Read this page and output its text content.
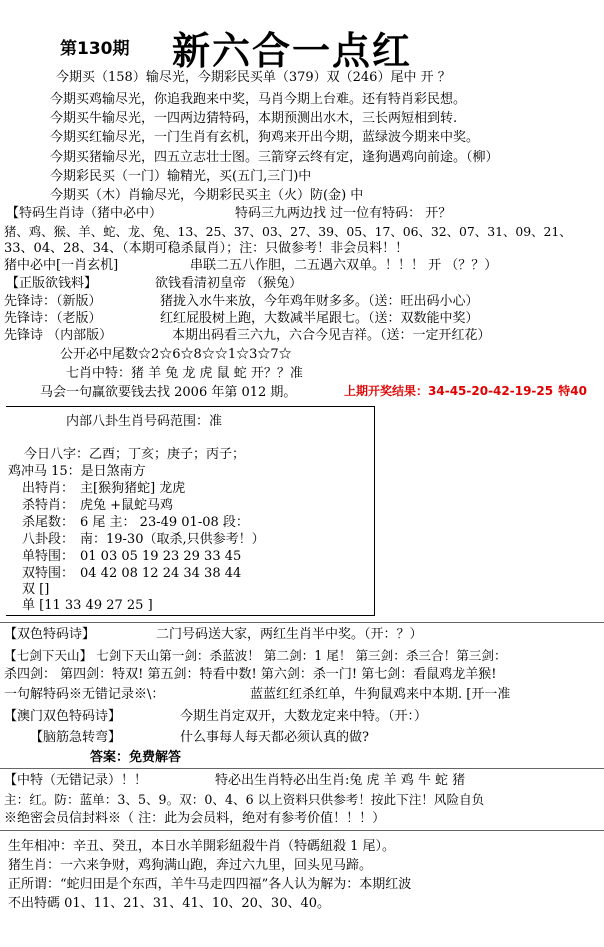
第130期 新六合一点红
今期买（158）输尽光，今期彩民买单（379）双（246）尾中 开 ？
今期买鸡输尽光，你追我跑来中奖，马肖今期上台难。还有特肖彩民想。
今期买牛输尽光，一四两边猜特码，本期预测出水木，三长两短相到转.
今期买红输尽光，一门生肖有玄机，狗鸡来开出今期，蓝绿波今期来中奖。
今期买猪输尽光，四五立志壮士图。三箭穿云终有定，逢狗遇鸡向前途。（柳）
今期彩民买（一门）输精光，买(五门,三门)中
今期买（木）肖输尽光，今期彩民买主（火）防(金) 中
【特码生肖诗（猪中必中）	特码三九两边找 过一位有特码： 开？
猪、鸡、猴、羊、蛇、龙、兔、13、25、37、03、27、39、05、17、06、32、07、31、09、21、
33、04、28、34、（本期可稳杀鼠肖）；注：只做参考！非会员料！！
猪中必中[一肖玄机]	串联二五八作胆，二五遇六双单。！！！ 开 （？？）
【正版欲钱料】	欲钱看清初皇帝 （猴兔）
先锋诗：（新版）	猪拢入水牛来放，今年鸡年财多多。（送：旺出码小心）
先锋诗：（老版）	红红屁股树上跑，大数减半尾跟七。（送：双数能中奖）
先锋诗 （内部版）	本期出码看三六九，六合今见吉祥。（送：一定开红花）
公开必中尾数☆2☆6☆8☆☆1☆3☆7☆
七肖中特：猪 羊 兔 龙 虎 鼠 蛇 开？？准
马会一句赢欲要钱去找 2006 年第 012 期。	上期开奖结果：34-45-20-42-19-25 特40
内部八卦生肖号码范围：准
今日八字：乙酉；丁亥；庚子；丙子；
鸡冲马 15：是日煞南方
出特肖： 主[猴狗猪蛇] 龙虎
杀特肖： 虎兔 +鼠蛇马鸡
杀尾数： 6 尾 主： 23-49 01-08 段：
八卦段： 南：19-30（取杀,只供参考！）
单特围： 01 03 05 19 23 29 33 45
双特围： 04 42 08 12 24 34 38 44
双 []
单 [11 33 49 27 25 ]
【双色特码诗】	二门号码送大家，两红生肖半中奖。（开：？）
【七剑下天山】 七剑下天山第一剑：杀蓝波！ 第二剑：1 尾！ 第三剑：杀三合！第三剑：
杀四剑： 第四剑：特双! 第五剑：特看中数! 第六剑：杀一门! 第七剑：看鼠鸡龙羊猴!
一句解特码※无错记录※\：	蓝蓝红红杀红单，牛狗鼠鸡来中本期. [开一准
【澳门双色特码诗】	今期生肖定双开，大数龙定来中特。（开：）
【脑筋急转弯】	什么事每人每天都必须认真的做?
答案：免费解答
【中特（无错记录）！！	特必出生肖特必出生肖:兔 虎 羊 鸡 牛 蛇 猪
主：红。防：蓝单：3、5、9。双：0、4、6 以上资料只供参考！按此下注！风险自负
※绝密会员信封料※（ 注：此为会员料，绝对有参考价值！！！）
生年相冲：辛丑、癸丑，本日水羊開彩紐殺牛肖（特碼紐殺 1 尾）。
猪生肖：一六来争财，鸡狗满山跑，奔过六九里，回头见马蹄。
正所谓：“蛇归田是个东西，羊牛马走四四福”各人认为解为：本期红波
不出特碼 01、11、21、31、41、10、20、30、40。
